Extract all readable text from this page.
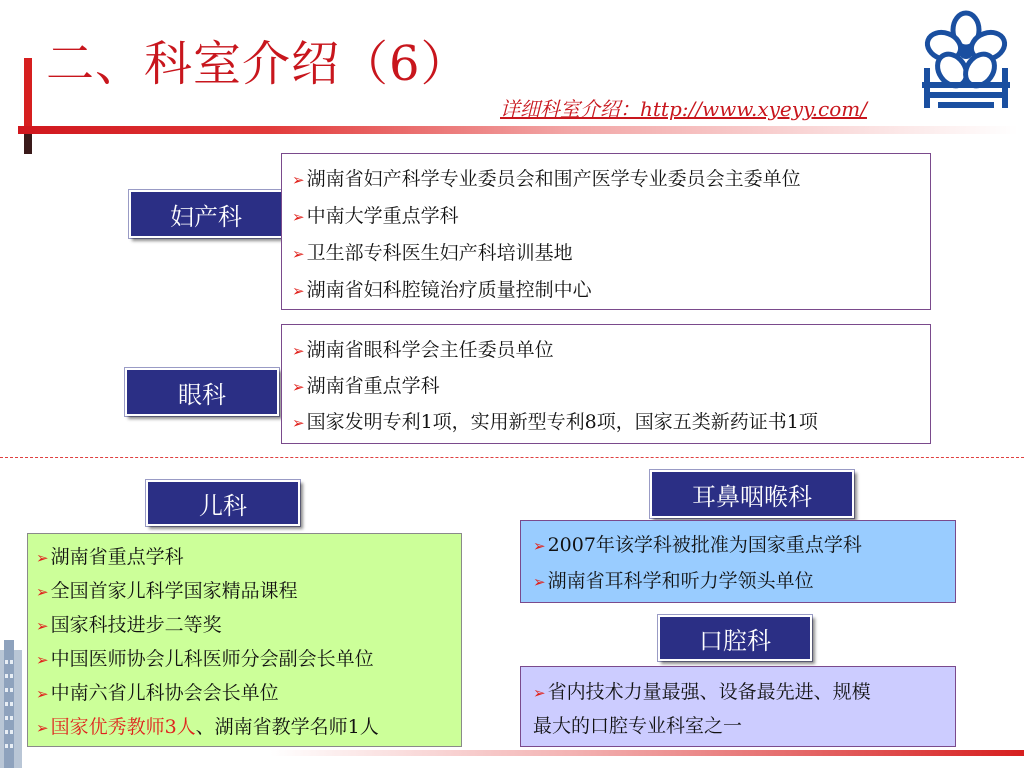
二、科室介绍（6）
详细科室介绍：http://www.xyeyy.com/
妇产科
➢ 湖南省妇产科学专业委员会和围产医学专业委员会主委单位
➢ 中南大学重点学科
➢ 卫生部专科医生妇产科培训基地
➢ 湖南省妇科腔镜治疗质量控制中心
眼科
➢ 湖南省眼科学会主任委员单位
➢ 湖南省重点学科
➢ 国家发明专利1项，实用新型专利8项，国家五类新药证书1项
儿科
➢ 湖南省重点学科
➢ 全国首家儿科学国家精品课程
➢ 国家科技进步二等奖
➢ 中国医师协会儿科医师分会副会长单位
➢ 中南六省儿科协会会长单位
➢ 国家优秀教师3人、湖南省教学名师1人
耳鼻咽喉科
➢ 2007年该学科被批准为国家重点学科
➢ 湖南省耳科学和听力学领头单位
口腔科
➢ 省内技术力量最强、设备最先进、规模
最大的口腔专业科室之一
